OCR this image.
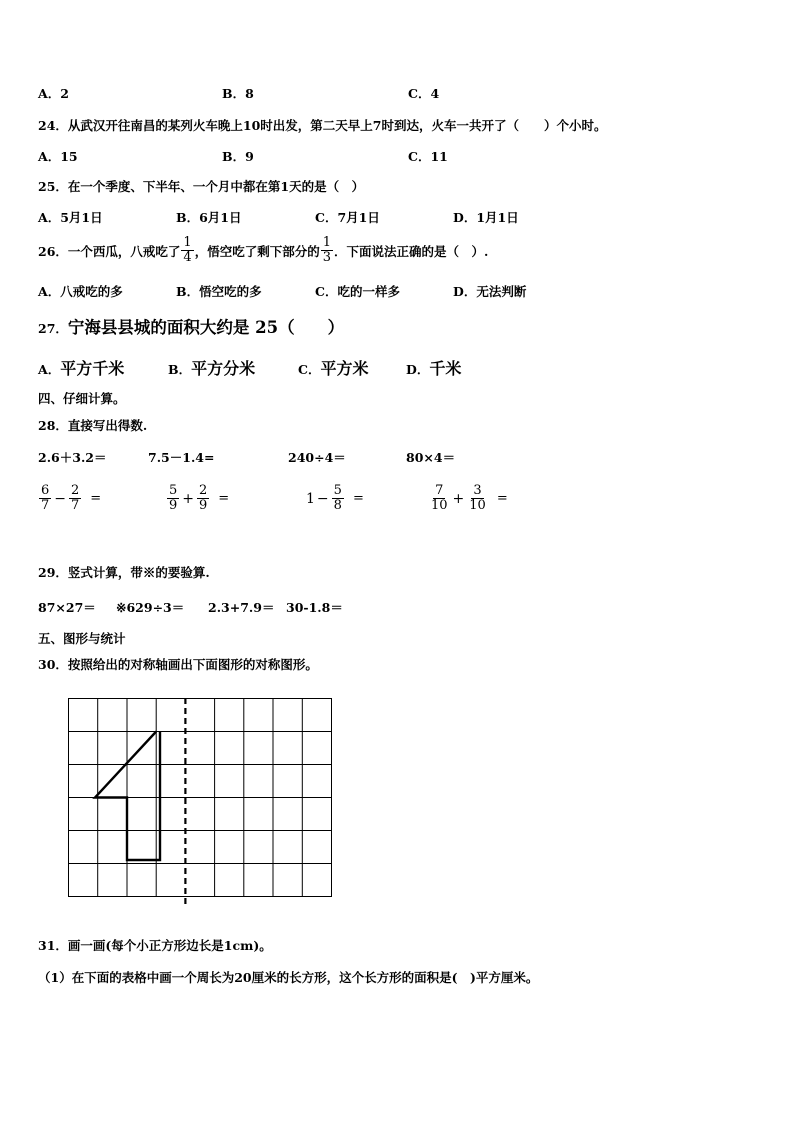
A．2	B．8	C．4
24．从武汉开往南昌的某列火车晚上10时出发，第二天早上7时到达，火车一共开了（　　）个小时。
A．15	B．9	C．11
25．在一个季度、下半年、一个月中都在第1天的是（　）
A．5月1日	B．6月1日	C．7月1日	D．1月1日
26．一个西瓜，八戒吃了 $\frac{1}{4}$ ，悟空吃了剩下部分的 $\frac{1}{3}$ ．下面说法正确的是（　）.
A．八戒吃的多	B．悟空吃的多	C．吃的一样多	D．无法判断
27． 宁海县县城的面积大约是 25（　　）
A．平方千米	B．平方分米	C．平方米	D．千米
四、仔细计算。
28．直接写出得数.
2.6＋3.2＝	7.5－1.4=	240÷4＝	80×4＝
$\frac{6}{7} - \frac{2}{7}$ =	$\frac{5}{9} + \frac{2}{9}$ =	$1 - \frac{5}{8}$ =	$\frac{7}{10} + \frac{3}{10}$ =
29．竖式计算，带※的要验算.
87×27＝ ※629÷3＝ 2.3+7.9＝ 30-1.8＝
五、图形与统计
30．按照给出的对称轴画出下面图形的对称图形。
31．画一画(每个小正方形边长是1cm)。
（1）在下面的表格中画一个周长为20厘米的长方形，这个长方形的面积是(　)平方厘米。
